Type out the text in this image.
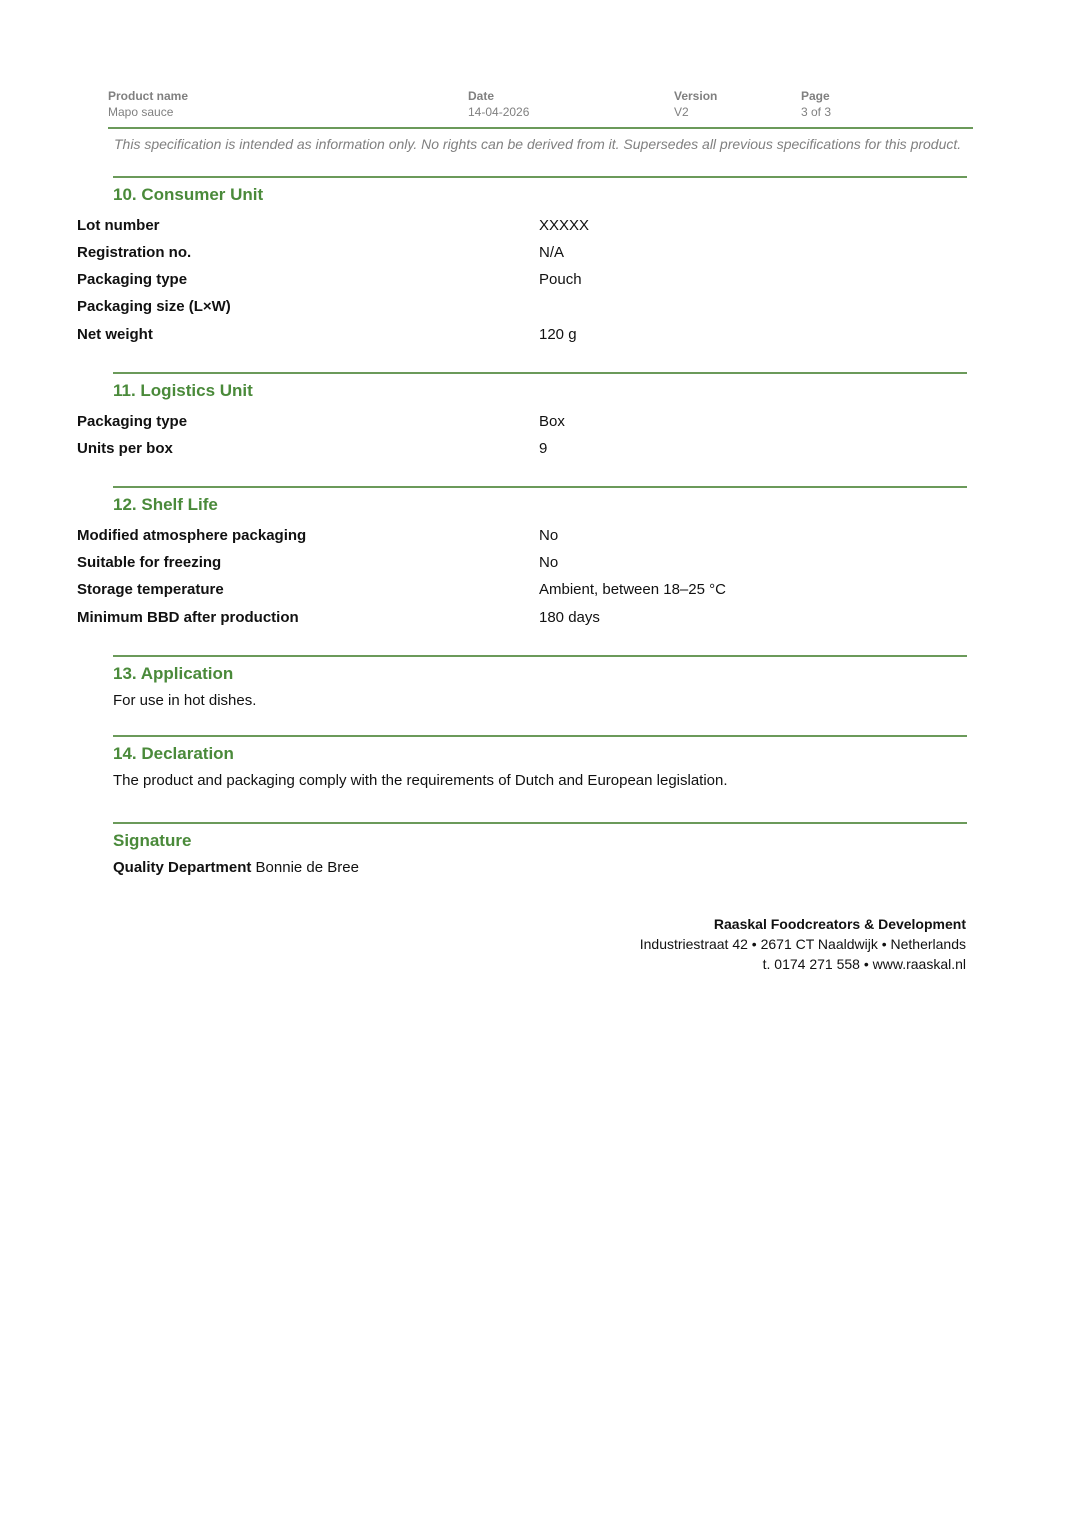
Product name
Mapo sauce
Date
14-04-2026
Version
V2
Page
3 of 3
This specification is intended as information only. No rights can be derived from it. Supersedes all previous specifications for this product.
10. Consumer Unit
Lot number	XXXXX
Registration no.	N/A
Packaging type	Pouch
Packaging size (L×W)
Net weight	120 g
11. Logistics Unit
Packaging type	Box
Units per box	9
12. Shelf Life
Modified atmosphere packaging	No
Suitable for freezing	No
Storage temperature	Ambient, between 18–25 °C
Minimum BBD after production	180 days
13. Application
For use in hot dishes.
14. Declaration
The product and packaging comply with the requirements of Dutch and European legislation.
Signature
Quality Department Bonnie de Bree
Raaskal Foodcreators & Development
Industriestraat 42 • 2671 CT Naaldwijk • Netherlands
t. 0174 271 558 • www.raaskal.nl
